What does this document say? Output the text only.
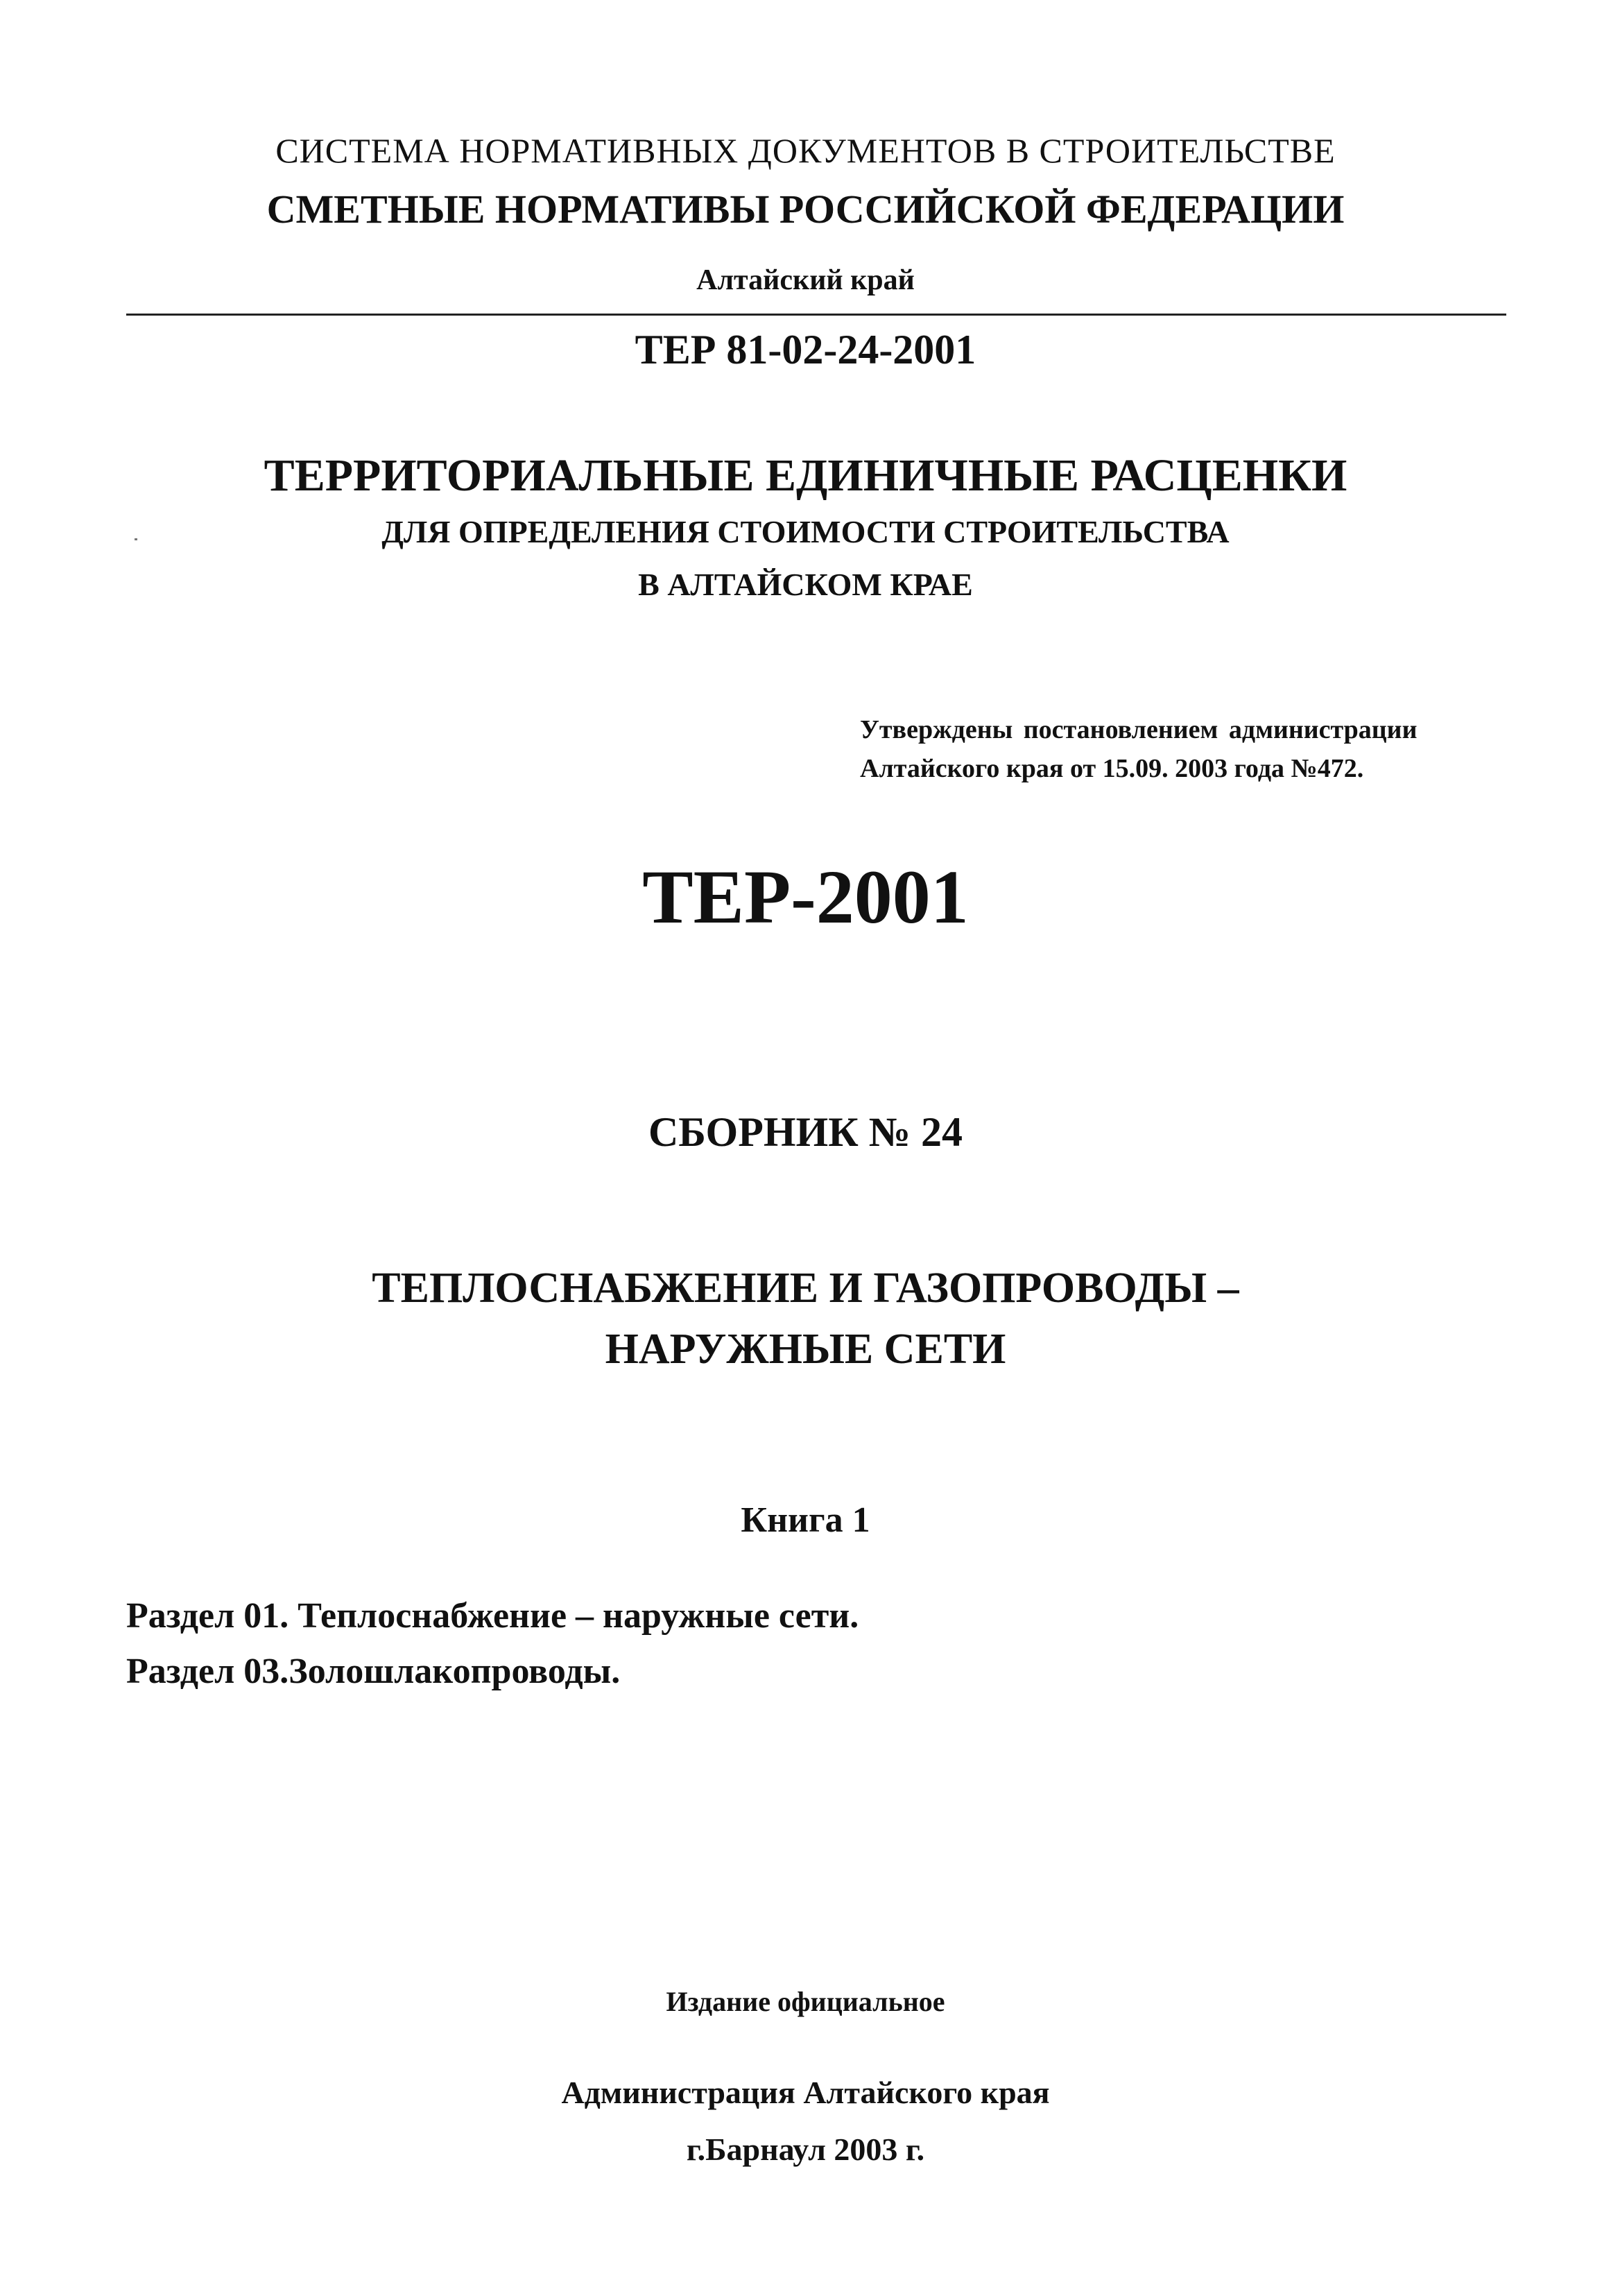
СИСТЕМА НОРМАТИВНЫХ ДОКУМЕНТОВ В СТРОИТЕЛЬСТВЕ
СМЕТНЫЕ НОРМАТИВЫ РОССИЙСКОЙ ФЕДЕРАЦИИ
Алтайский край
ТЕР 81-02-24-2001
ТЕРРИТОРИАЛЬНЫЕ ЕДИНИЧНЫЕ РАСЦЕНКИ
ДЛЯ ОПРЕДЕЛЕНИЯ СТОИМОСТИ СТРОИТЕЛЬСТВА
В АЛТАЙСКОМ КРАЕ
Утверждены постановлением администрации
Алтайского края от 15.09. 2003 года №472.
ТЕР-2001
СБОРНИК № 24
ТЕПЛОСНАБЖЕНИЕ И ГАЗОПРОВОДЫ –
НАРУЖНЫЕ СЕТИ
Книга 1
Раздел 01. Теплоснабжение – наружные сети.
Раздел 03.Золошлакопроводы.
Издание официальное
Администрация Алтайского края
г.Барнаул 2003 г.
